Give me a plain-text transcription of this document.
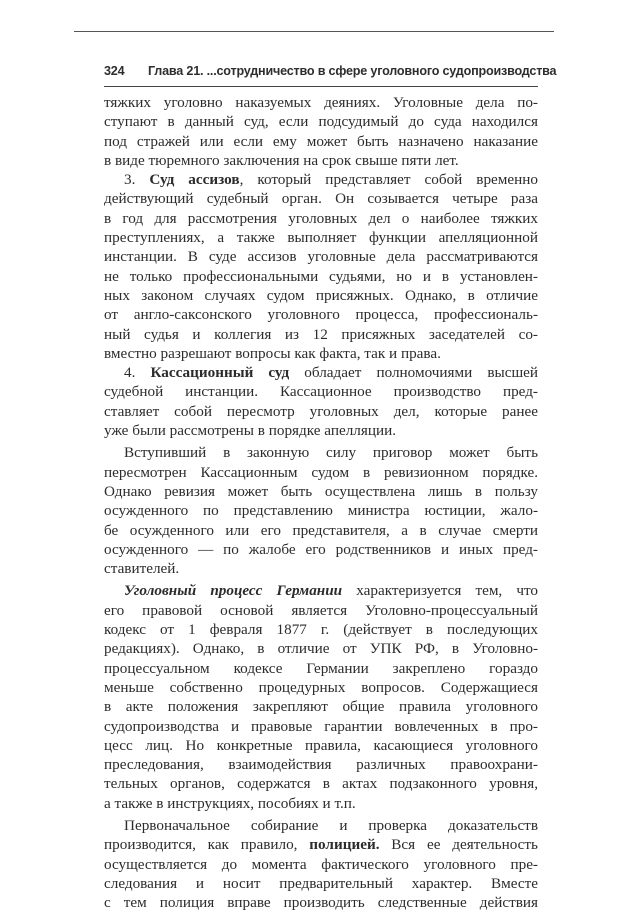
324 Глава 21. ...сотрудничество в сфере уголовного судопроизводства
тяжких уголовно наказуемых деяниях. Уголовные дела по-
ступают в данный суд, если подсудимый до суда находился
под стражей или если ему может быть назначено наказание
в виде тюремного заключения на срок свыше пяти лет.
3. Суд ассизов, который представляет собой временно
действующий судебный орган. Он созывается четыре раза
в год для рассмотрения уголовных дел о наиболее тяжких
преступлениях, а также выполняет функции апелляционной
инстанции. В суде ассизов уголовные дела рассматриваются
не только профессиональными судьями, но и в установлен-
ных законом случаях судом присяжных. Однако, в отличие
от англо-саксонского уголовного процесса, профессиональ-
ный судья и коллегия из 12 присяжных заседателей со-
вместно разрешают вопросы как факта, так и права.
4. Кассационный суд обладает полномочиями высшей
судебной инстанции. Кассационное производство пред-
ставляет собой пересмотр уголовных дел, которые ранее
уже были рассмотрены в порядке апелляции.
Вступивший в законную силу приговор может быть
пересмотрен Кассационным судом в ревизионном порядке.
Однако ревизия может быть осуществлена лишь в пользу
осужденного по представлению министра юстиции, жало-
бе осужденного или его представителя, а в случае смерти
осужденного — по жалобе его родственников и иных пред-
ставителей.
Уголовный процесс Германии характеризуется тем, что
его правовой основой является Уголовно-процессуальный
кодекс от 1 февраля 1877 г. (действует в последующих
редакциях). Однако, в отличие от УПК РФ, в Уголовно-
процессуальном кодексе Германии закреплено гораздо
меньше собственно процедурных вопросов. Содержащиеся
в акте положения закрепляют общие правила уголовного
судопроизводства и правовые гарантии вовлеченных в про-
цесс лиц. Но конкретные правила, касающиеся уголовного
преследования, взаимодействия различных правоохрани-
тельных органов, содержатся в актах подзаконного уровня,
а также в инструкциях, пособиях и т.п.
Первоначальное собирание и проверка доказательств
производится, как правило, полицией. Вся ее деятельность
осуществляется до момента фактического уголовного пре-
следования и носит предварительный характер. Вместе
с тем полиция вправе производить следственные действия
